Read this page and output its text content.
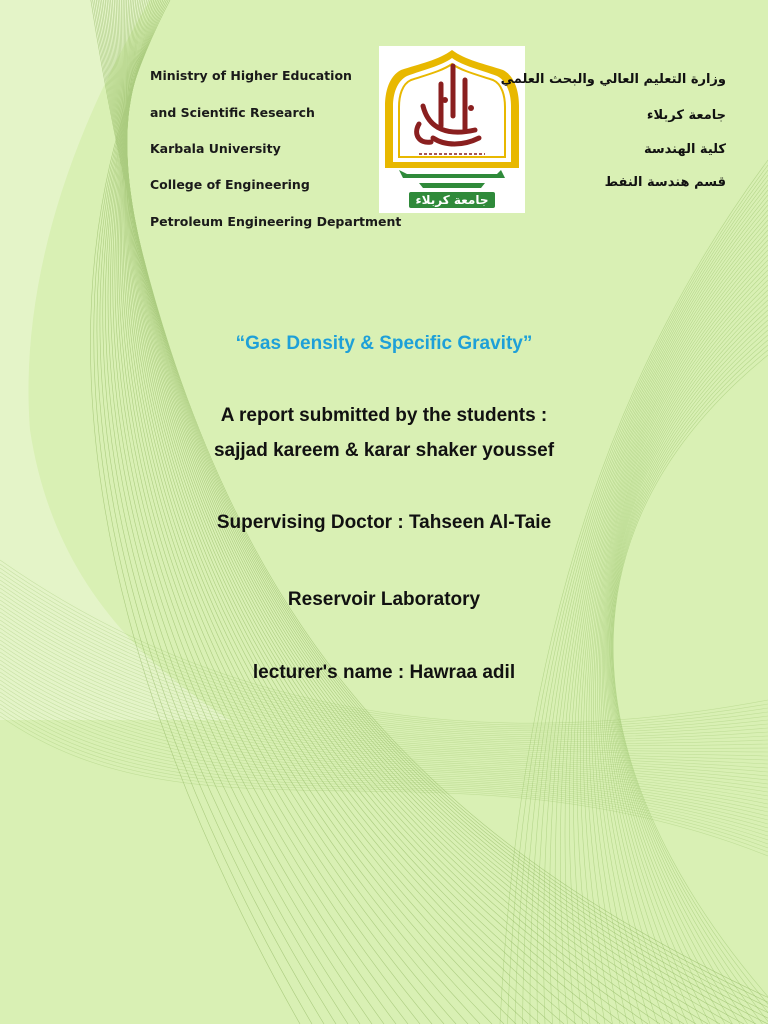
Ministry of Higher Education
and Scientific Research
Karbala University
College of Engineering
Petroleum Engineering Department
جامعة كربلاء
وزارة التعليم العالي والبحث العلمي
جامعة كربلاء
كلية الهندسة
قسم هندسة النفط
“Gas Density & Specific Gravity”
A report submitted by the students :
sajjad kareem & karar shaker youssef
Supervising Doctor : Tahseen Al-Taie
Reservoir Laboratory
lecturer's name : Hawraa adil
